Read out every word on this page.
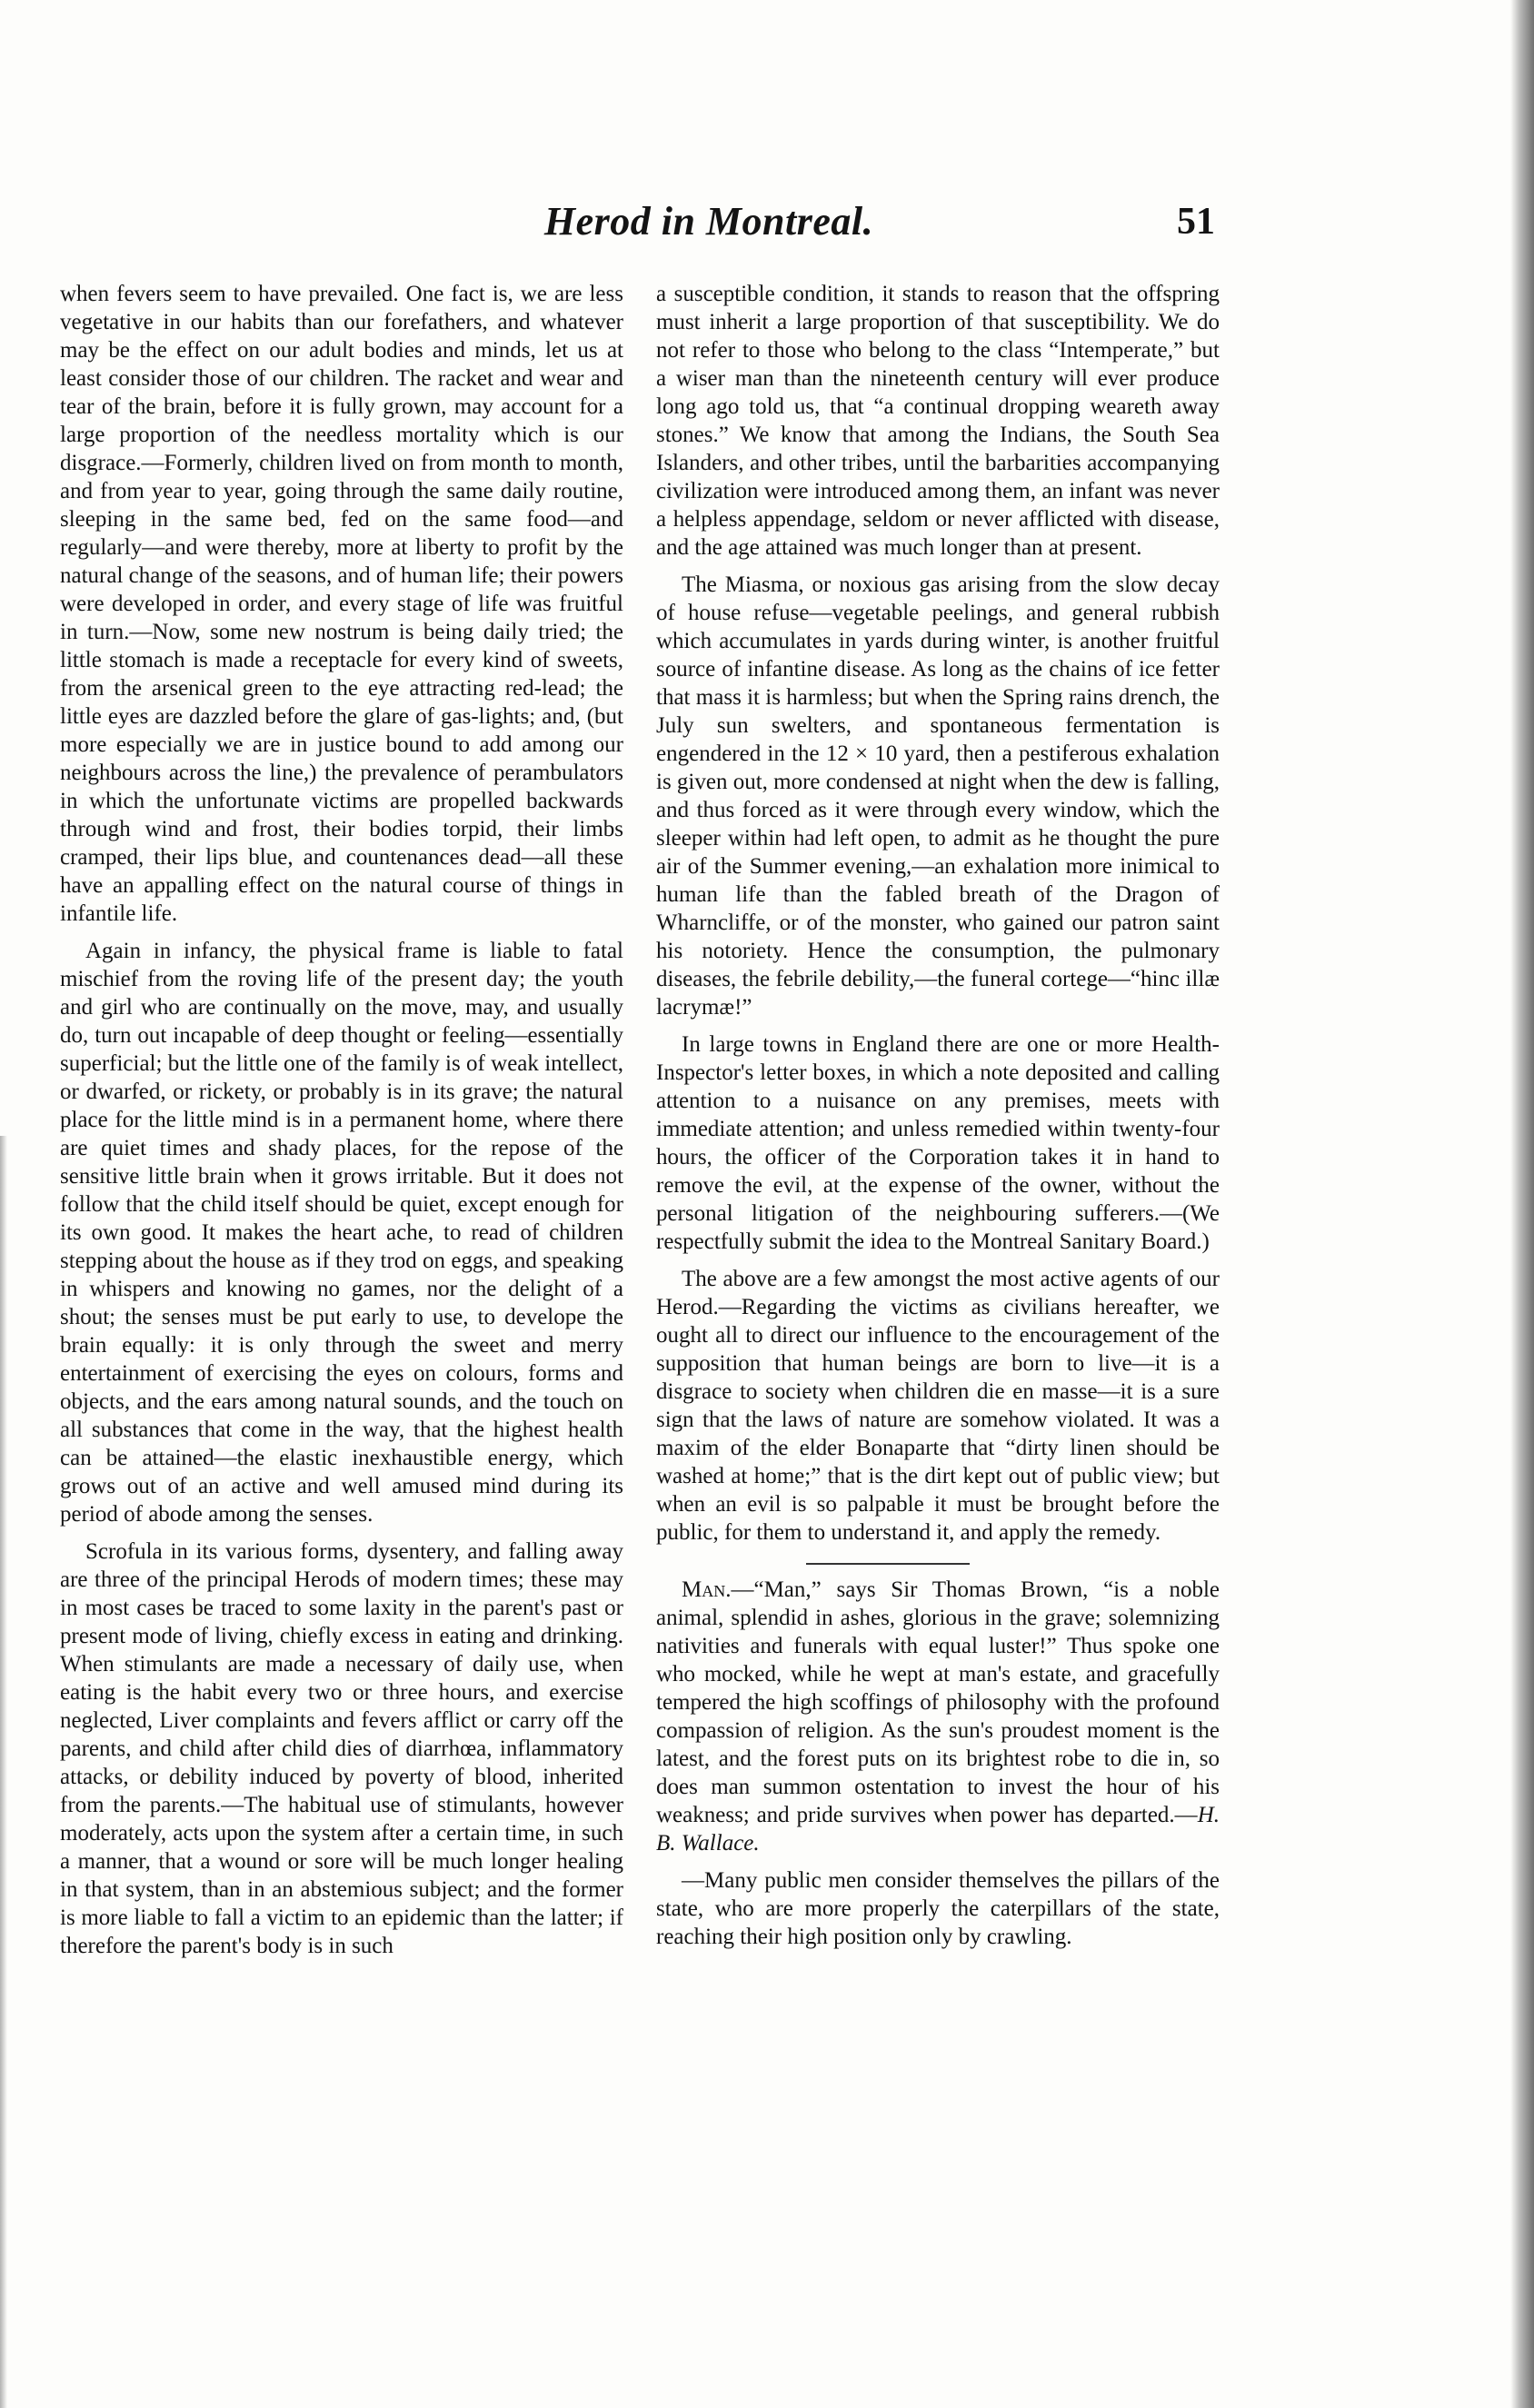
Herod in Montreal.	51

when fevers seem to have prevailed. One fact is, we are less vegetative in our habits than our forefathers, and whatever may be the effect on our adult bodies and minds, let us at least consider those of our children. The racket and wear and tear of the brain, before it is fully grown, may account for a large proportion of the needless mortality which is our disgrace.—Formerly, children lived on from month to month, and from year to year, going through the same daily routine, sleeping in the same bed, fed on the same food—and regularly—and were thereby, more at liberty to profit by the natural change of the seasons, and of human life; their powers were developed in order, and every stage of life was fruitful in turn.—Now, some new nostrum is being daily tried; the little stomach is made a receptacle for every kind of sweets, from the arsenical green to the eye attracting red-lead; the little eyes are dazzled before the glare of gas-lights; and, (but more especially we are in justice bound to add among our neighbours across the line,) the prevalence of perambulators in which the unfortunate victims are propelled backwards through wind and frost, their bodies torpid, their limbs cramped, their lips blue, and countenances dead—all these have an appalling effect on the natural course of things in infantile life.

Again in infancy, the physical frame is liable to fatal mischief from the roving life of the present day; the youth and girl who are continually on the move, may, and usually do, turn out incapable of deep thought or feeling—essentially superficial; but the little one of the family is of weak intellect, or dwarfed, or rickety, or probably is in its grave; the natural place for the little mind is in a permanent home, where there are quiet times and shady places, for the repose of the sensitive little brain when it grows irritable. But it does not follow that the child itself should be quiet, except enough for its own good. It makes the heart ache, to read of children stepping about the house as if they trod on eggs, and speaking in whispers and knowing no games, nor the delight of a shout; the senses must be put early to use, to develope the brain equally: it is only through the sweet and merry entertainment of exercising the eyes on colours, forms and objects, and the ears among natural sounds, and the touch on all substances that come in the way, that the highest health can be attained—the elastic inexhaustible energy, which grows out of an active and well amused mind during its period of abode among the senses.

Scrofula in its various forms, dysentery, and falling away are three of the principal Herods of modern times; these may in most cases be traced to some laxity in the parent's past or present mode of living, chiefly excess in eating and drinking. When stimulants are made a necessary of daily use, when eating is the habit every two or three hours, and exercise neglected, Liver complaints and fevers afflict or carry off the parents, and child after child dies of diarrhœa, inflammatory attacks, or debility induced by poverty of blood, inherited from the parents.—The habitual use of stimulants, however moderately, acts upon the system after a certain time, in such a manner, that a wound or sore will be much longer healing in that system, than in an abstemious subject; and the former is more liable to fall a victim to an epidemic than the latter; if therefore the parent's body is in such

a susceptible condition, it stands to reason that the offspring must inherit a large proportion of that susceptibility. We do not refer to those who belong to the class “Intemperate,” but a wiser man than the nineteenth century will ever produce long ago told us, that “a continual dropping weareth away stones.” We know that among the Indians, the South Sea Islanders, and other tribes, until the barbarities accompanying civilization were introduced among them, an infant was never a helpless appendage, seldom or never afflicted with disease, and the age attained was much longer than at present.

The Miasma, or noxious gas arising from the slow decay of house refuse—vegetable peelings, and general rubbish which accumulates in yards during winter, is another fruitful source of infantine disease. As long as the chains of ice fetter that mass it is harmless; but when the Spring rains drench, the July sun swelters, and spontaneous fermentation is engendered in the 12 × 10 yard, then a pestiferous exhalation is given out, more condensed at night when the dew is falling, and thus forced as it were through every window, which the sleeper within had left open, to admit as he thought the pure air of the Summer evening,—an exhalation more inimical to human life than the fabled breath of the Dragon of Wharncliffe, or of the monster, who gained our patron saint his notoriety. Hence the consumption, the pulmonary diseases, the febrile debility,—the funeral cortege—“hinc illæ lacrymæ!”

In large towns in England there are one or more Health-Inspector's letter boxes, in which a note deposited and calling attention to a nuisance on any premises, meets with immediate attention; and unless remedied within twenty-four hours, the officer of the Corporation takes it in hand to remove the evil, at the expense of the owner, without the personal litigation of the neighbouring sufferers.—(We respectfully submit the idea to the Montreal Sanitary Board.)

The above are a few amongst the most active agents of our Herod.—Regarding the victims as civilians hereafter, we ought all to direct our influence to the encouragement of the supposition that human beings are born to live—it is a disgrace to society when children die en masse—it is a sure sign that the laws of nature are somehow violated. It was a maxim of the elder Bonaparte that “dirty linen should be washed at home;” that is the dirt kept out of public view; but when an evil is so palpable it must be brought before the public, for them to understand it, and apply the remedy.

Man.—“Man,” says Sir Thomas Brown, “is a noble animal, splendid in ashes, glorious in the grave; solemnizing nativities and funerals with equal luster!” Thus spoke one who mocked, while he wept at man's estate, and gracefully tempered the high scoffings of philosophy with the profound compassion of religion. As the sun's proudest moment is the latest, and the forest puts on its brightest robe to die in, so does man summon ostentation to invest the hour of his weakness; and pride survives when power has departed.—H. B. Wallace.

—Many public men consider themselves the pillars of the state, who are more properly the caterpillars of the state, reaching their high position only by crawling.
